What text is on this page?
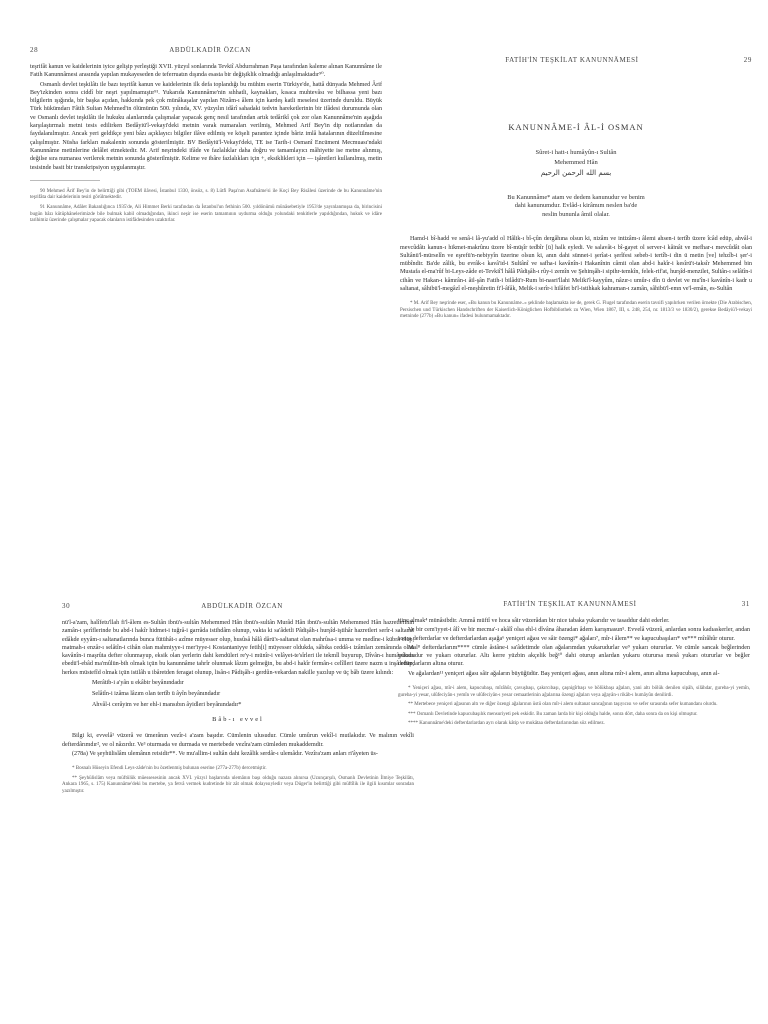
28	ABDÜLKADİR ÖZCAN

teşrifât kanun ve kaidelerinin iyice gelişip yerleştiği XVII. yüzyıl sonlarında Tevkiî Abdurrahman Paşa tarafından kaleme alınan Kanunnâme ile Fatih Kanunnâmesi arasında yapılan mukayeseden de teferruatın dışında esasta bir değişiklik olmadığı anlaşılmaktadır⁹⁰.

Osmanlı devlet teşkilâtı ile bazı teşrifât kanun ve kaidelerinin ilk defa toplandığı bu mühim eserin Türkiye'de, hattâ dünyada Mehmed Ârif Bey'izkinden sonra ciddî bir neşri yapılmamıştır⁹¹. Yukarıda Kanunnâme'nin sıhhatli, kaynakları, kısaca muhtevâsı ve bilhassa yeni bazı bilgilerin ışığında, bir başka açıdan, hakkında pek çok münâkaşalar yapılan Nizâm-ı âlem için kardeş katli meselesi üzerinde duruldu. Büyük Türk hükümdarı Fâtih Sultan Mehmed'in ölümünün 500. yılında, XV. yüzyılın idârî sahadaki tedvin hareketlerinin bir ifâdesi durumunda olan ve Osmanlı devlet teşkilâtı ile hukuku alanlarında çalışmalar yapacak genç nesil tarafından artık tedârikî çok zor olan Kanunnâme'nin aşağıda karşılaştırmalı metni tesis edilirken Bedâyiü'l-vekayi'deki metnin varak numaraları verilmiş, Mehmed Arif Bey'in dip notlarından da faydalanılmıştır. Ancak yeri geldikçe yeni bâzı açıklayıcı bilgiler ilâve edilmiş ve köşeli parantez içinde bâriz imlâ hatalarının düzeltilmesine çalışılmıştır. Nüsha farkları makalenin sonunda gösterilmiştir. BV Bedâyiü'l-Vekayi'deki, TE ise Tarih-i Osmanî Encümeni Mecmuası'ndaki Kanunnâme metinlerine delâlet etmektedir. M. Arif neşrindeki ifâde ve fazlalıklar daha doğru ve tamamlayıcı mâhiyette ise metne alınmış, değilse sıra numarası verilerek metnin sonunda gösterilmiştir. Kelime ve ibâre fazlalıkları için +, eksiklikleri için — işâretleri kullanılmış, metin tesisinde basit bir transkripsiyon uygulanmıştır.

90 Mehmed Ârif Bey'in de belirttiği gibi (TOEM ilâvesi, İstanbul 1330, önsöz, s. 8) Lütfi Paşa'nın Asafnâme'si ile Koçi Bey Risâlesi üzerinde de bu Kanunnâme'nin teşrifâta dair kaidelerinin tesiri görülmektedir.

91 Kanunnâme, Adâlet Bakanlığınca 1935'de, Ali Himmet Berki tarafından da İstanbul'un fethinin 500. yıldönümü münâsebetiyle 1953'de yayınlanmışsa da, birincisini bugün bâzı kütüphânelerimizde bile bulmak kabil olmadığından, ikinci neşir ise eserin tamamının uydurma olduğu yolundaki tenkitlerle yapıldığından, hukuk ve idâre tarihimiz üzerinde çalışmalar yapacak olanların istifâdesinden uzaktırlar.

FATİH'İN TEŞKİLAT KANUNNÂMESİ	29
KANUNNÂME-İ ÂL-İ OSMAN
Sûret-i hatt-ı humâyûn-ı Sultân
Mehemmed Hân
بسم الله الرحمن الرحيم
Bu Kanunnâme* atam ve dedem kanunudur ve benim
dahi kanunumdur. Evlâd-ı kirâmım neslen ba'de
neslin bununla âmil olalar.

Hamd-i bî-hadd ve senâ-i lâ-yu'add ol Hâlik-ı bî-çûn dergâhına olsun ki, nizâm ve intizâm-ı âlemi ahsen-i tertîb üzere îcâd edüp, ahvâl-i mevcûdâtı kanun-ı hikmet-makrûnu üzere bî-müşîr tedbîr [ü] halk eyledi. Ve salavât-ı bî-gayet ol server-i kâinât ve mefhar-ı mevcûdât olan Sultânü'l-mürselîn ve eşrefü'n-nebiyyîn üzerine olsun ki, anın dahi sünnet-i şerîat-ı şerîfesi sebeb-i tertîb-i din ü metin [ve] tehzîb-i şer'-i mübîndir. Ba'de zâlik, bu evrâk-ı kavâ'id-i Sultânî ve safha-i kavânîn-i Hakanînin câmii olan abd-i hakîr-i kesîrü't-taksîr Mehemmed bin Mustafa el-ma'rûf bi-Leys-zâde et-Tevkiî'l hâlâ Pâdişâh-ı rûy-i zemîn ve Şehinşâh-i sipihr-temkîn, felek-rif'at, hurşîd-menzilet, Sultân-ı selâtîn-i cihân ve Hakan-ı kâmrân-ı âil-şân Fatih-i bilâdü'r-Rum bi-nasri'llahi Meliki'l-kayyûm, nâzır-ı umûr-ı dîn ü devlet ve mu'în-i kavânîn-i kadr u saltanat, sâhibü'l-megâzî el-meşhûretin fi'l-âfâk, Melik-i serîr-i hilâfet bi'l-istihkak kahraman-ı zamân, sâhibü'l-emn ve'l-emân, es-Sultân

* M. Arif Bey neşrinde eser, «Bu kanun bu Kanunnâme..» şeklinde başlamakta ise de, gerek G. Flugel tarafından eserin tavsifi yapılırken verilen örnekte (Die Arabischen, Persischen und Türkischen Handschriften der Kaiserlich-Königlichen Hofbibliothek zu Wien, Wien 1867, III, s. 248, 254, nr. 1813/3 ve 1830/2), gerekse Bedâyiü'l-vekayi metninde (277b) «Bu kanun» ifadesi bulunmamaktadır.

30	ABDÜLKADİR ÖZCAN

nü'l-a'zam, halîfetu'llah fi'l-âlem es-Sultân ibnü's-sultân Mehemmed Hân ibnü's-sultân Murâd Hân ibnü's-sultân Mehemmed Hân hazretlerinin zamân-ı şerîflerinde bu abd-i hakîr hidmet-i tuğrâ-i garrâda istihdâm olunup, vakta ki sa'âdetli Pâdişâh-ı hurşîd-iştihâr hazretleri serîr-i saltanat edâkde eyyâm-ı saltanatlarında bunca fütühât-ı azîme müyesser olup, husûsâ hâlâ dârü's-saltanat olan mahrûsa-i umma ve medîne-i kübrâ olup, matmah-ı enzâr-ı selâtîn-i cihân olan mahmiyye-i mer'iyye-i Kostantaniyye fetih[i] müyesser oldukda, sâbıka ceddâ-ı izâmları zemânında olan kavânîn-i maşrûta defter olunmayup, eksik olan yerlerin dahi kendüleri re'y-i münîr-i velâyet-te'sîrleri ile tekmîl buyurup, Dîvân-ı humâyûnda ebedü'l-ebâd ma'mûlün-bih olmak içün bu kanunnâme tahrîr olunmak lâzım gelmeğin, bu abd-i hakîr fermân-ı celîlleri üzere nazm u inşâ edüp, herkes müstefîd olmak içün istilâh u ibâretden feragat olunup, lisân-ı Pâdişâh-ı gerdûn-vekardan nakille yazılup ve üç bâb üzere kılındı:

Merâtib-i a'yân u ekâbir beyânındadır
Selâtîn-i izâma lâzım olan tertîb ü âyîn beyânındadır
Ahvâl-i cerâyim ve her ehl-i mansıbın âyidleri beyânındadır*
Bâb-ı evvel

Bilgi ki, evvelâ¹ vüzerâ ve ümerânın vezîr-i a'zam başıdır. Cümlenin ulusudur. Cümle umûrun vekîl-i mutlakıdır. Ve malının vekîli defterdârımdır², ve ol nâzırdır. Ve³ oturmada ve durmada ve mertebede vezîra'zam cümleden mukaddemdir.

(278a) Ve şeyhülislâm ulemânın reisidir**. Ve mu'allim-i sultân dahi kezâlik serdâr-ı ulemâdır. Vezîra'zam anları ri'âyeten üs-

* Bosnalı Hüseyin Efendi Leys-zâde'nin bu özetlenmiş bulunan eserine (277a-277b) dercetmiştir.

** Şeyhülislâm veya müftülük müessesesinin ancak XVI. yüzyıl başlarında ulemânın başı olduğu nazara alınırsa (Uzunçarşılı, Osmanlı Devletinin İlmiye Teşkilâtı, Ankara 1965, s. 175) Kanunnâme'deki bu mertebe, ya fetvâ vermek kudretinde bir zât olmak dolayısıyledir veya Düger'in belirttiği gibi müftîlik ile ilgili kısımlar sonradan yazılmıştır.

FATİH'İN TEŞKİLAT KANUNNÂMESİ	31

tiine almak⁴ münâsibdir. Ammâ müftî ve hoca sâir vüzerâdan bir nice tabaka yukarıdır ve tasaddur dahi ederler.

Ve bir cem'iyyet-i âlî ve bir mecma'-ı akâlî olsa ehl-i dîvâna âharadan âdem karışmasun⁵. Evvelâ vüzerâ, anlardan sonra kadıaskerler, andan sonra defterdarlar ve defterdarlardan aşağa⁶ yeniçeri ağası ve sâir özengi* ağaları⁷, mîr-i âlem** ve kapucubaşıları* ve*** mîrâhûr oturur.

Mal⁸ defterdarlarım**** cümle âstâne-i sa'âdetimde olan ağalarımdan yukarudurlar ve⁹ yukarı otururlar. Ve cümle sancak beğlerinden yukarudur ve yukarı otururlar. Altı kerre yüzbin akçelik beğ¹⁰ dahi oturup anlardan yukaru oturursa mesâ yukarı otururlar ve beğler defterdarların altına oturur.

Ve ağalardan¹¹ yeniçeri ağası sâir ağaların büyüğüdür. Baş yeniçeri ağası, anın altına mîr-i alem, anın altına kapucubaşı, anın al-

* Yeniçeri ağası, mîr-i alem, kapucubaşı, mîrâhûr, çavuşbaşı, çakırcıbaşı, çaşnigîrbaşı ve bölükbaşı ağaları, yani altı bölük denilen sipâh, silâhdar, gureba-yi yemîn, gureba-yi yesar, ulûfeciyân-ı yemîn ve ulûfeciyân-ı yesar cemaatlerinin ağalarına özengi ağaları veya ağayân-ı rikâb-ı humâyûn denilirdi.

** Mertebece yeniçeri ağasının altı ve diğer özengi ağalarının üstü olan mîr-i alem sultanat sancağının taşıyıcısı ve sefer sırasında sefer kumandanı olurdu.

*** Osmanlı Devletinde kapucubaşılık mensuriyeti pek eskidir. Bu zaman larda bir kişi olduğu halde, sonra dört, daha sonra da on kişi olmuştur.

**** Kanunnâme'deki defterdarlardan ayrı olarak kâtip ve mukâtaa defterdarlarından söz edilmez.
